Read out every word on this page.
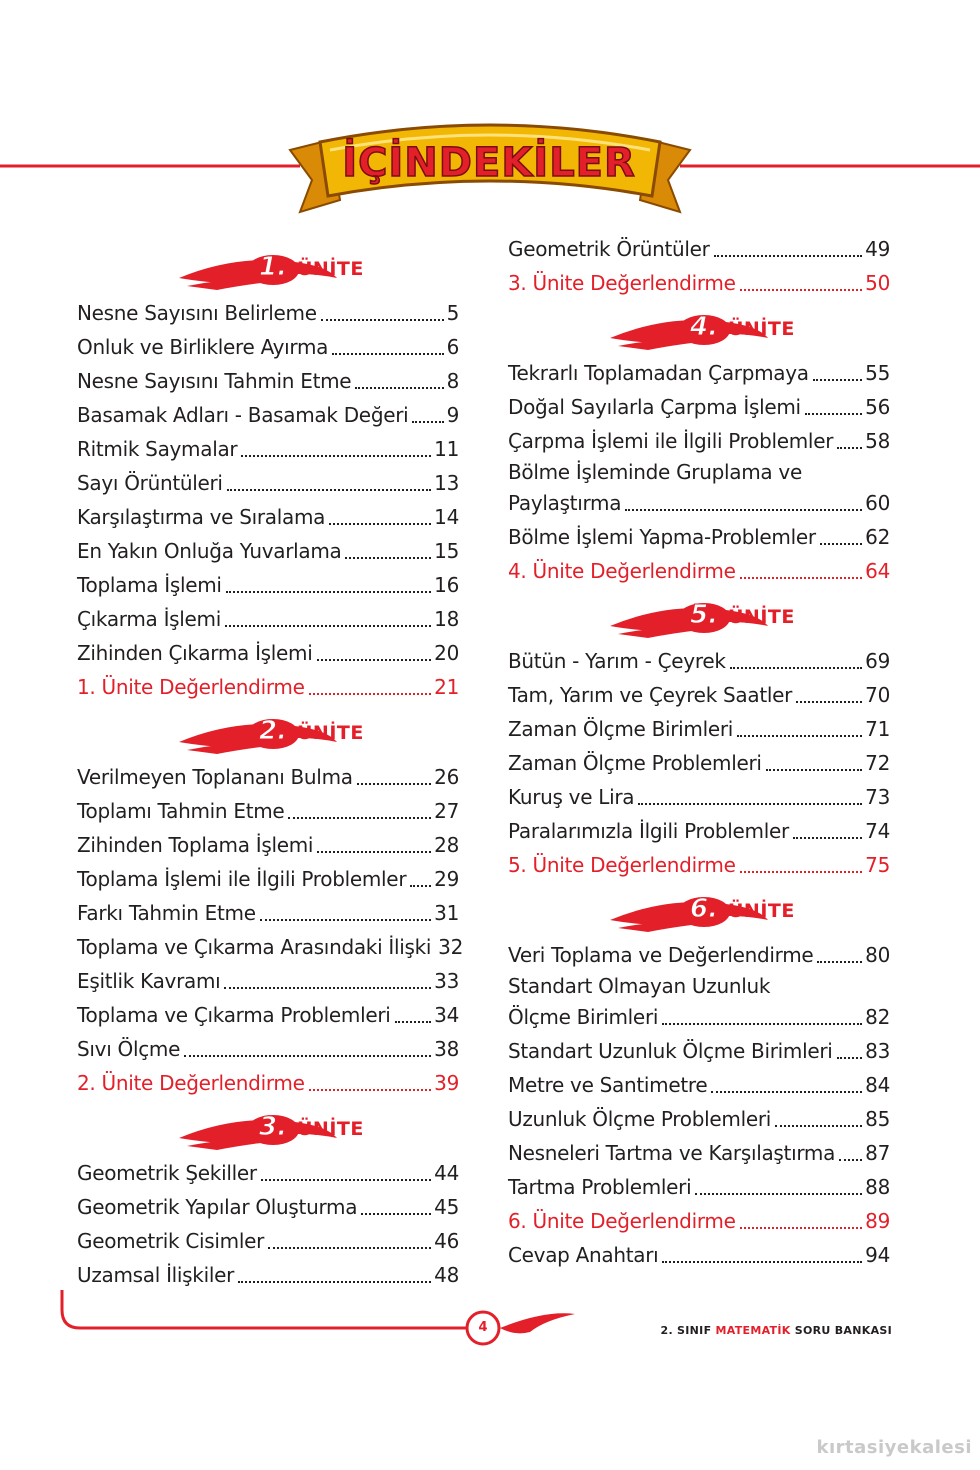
İÇİNDEKİLER
1. ÜNİTE
Nesne Sayısını Belirleme	5
Onluk ve Birliklere Ayırma	6
Nesne Sayısını Tahmin Etme	8
Basamak Adları - Basamak Değeri 9
Ritmik Saymalar	11
Sayı Örüntüleri	13
Karşılaştırma ve Sıralama	14
En Yakın Onluğa Yuvarlama	15
Toplama İşlemi	16
Çıkarma İşlemi	18
Zihinden Çıkarma İşlemi	20
1. Ünite Değerlendirme	21
2. ÜNİTE
Verilmeyen Toplananı Bulma	26
Toplamı Tahmin Etme	27
Zihinden Toplama İşlemi	28
Toplama İşlemi ile İlgili Problemler 29
Farkı Tahmin Etme	31
Toplama ve Çıkarma Arasındaki İlişki 32
Eşitlik Kavramı	33
Toplama ve Çıkarma Problemleri 34
Sıvı Ölçme	38
2. Ünite Değerlendirme	39
3. ÜNİTE
Geometrik Şekiller	44
Geometrik Yapılar Oluşturma	45
Geometrik Cisimler	46
Uzamsal İlişkiler	48
Geometrik Örüntüler	49
3. Ünite Değerlendirme	50
4. ÜNİTE
Tekrarlı Toplamadan Çarpmaya	55
Doğal Sayılarla Çarpma İşlemi	56
Çarpma İşlemi ile İlgili Problemler 58
Bölme İşleminde Gruplama ve
Paylaştırma	60
Bölme İşlemi Yapma-Problemler 62
4. Ünite Değerlendirme	64
5. ÜNİTE
Bütün - Yarım - Çeyrek	69
Tam, Yarım ve Çeyrek Saatler	70
Zaman Ölçme Birimleri	71
Zaman Ölçme Problemleri	72
Kuruş ve Lira	73
Paralarımızla İlgili Problemler	74
5. Ünite Değerlendirme	75
6. ÜNİTE
Veri Toplama ve Değerlendirme	80
Standart Olmayan Uzunluk
Ölçme Birimleri	82
Standart Uzunluk Ölçme Birimleri 83
Metre ve Santimetre	84
Uzunluk Ölçme Problemleri	85
Nesneleri Tartma ve Karşılaştırma 87
Tartma Problemleri	88
6. Ünite Değerlendirme	89
Cevap Anahtarı	94
4	2. SINIF MATEMATİK SORU BANKASI
kırtasiyekalesi
